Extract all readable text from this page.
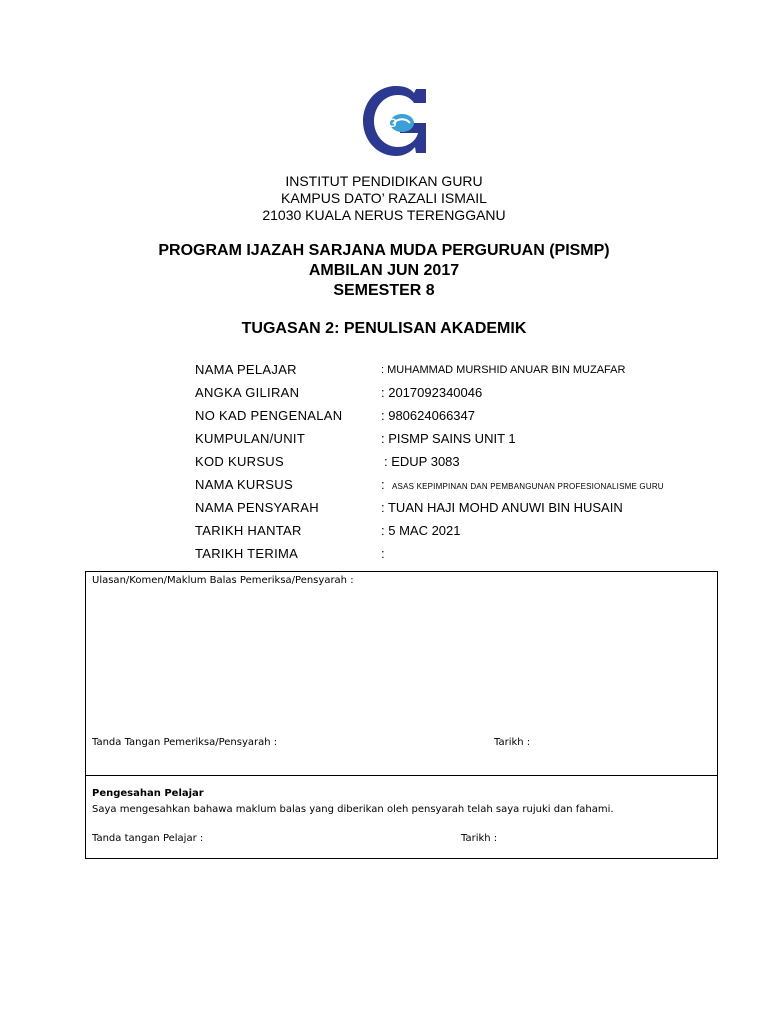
IPG
INSTITUT PENDIDIKAN GURU
KAMPUS DATO’ RAZALI ISMAIL
21030 KUALA NERUS TERENGGANU
PROGRAM IJAZAH SARJANA MUDA PERGURUAN (PISMP)
AMBILAN JUN 2017
SEMESTER 8
TUGASAN 2: PENULISAN AKADEMIK
NAMA PELAJAR	: MUHAMMAD MURSHID ANUAR BIN MUZAFAR
ANGKA GILIRAN	: 2017092340046
NO KAD PENGENALAN	: 980624066347
KUMPULAN/UNIT	: PISMP SAINS UNIT 1
KOD KURSUS	: EDUP 3083
NAMA KURSUS	: ASAS KEPIMPINAN DAN PEMBANGUNAN PROFESIONALISME GURU
NAMA PENSYARAH	: TUAN HAJI MOHD ANUWI BIN HUSAIN
TARIKH HANTAR	: 5 MAC 2021
TARIKH TERIMA	:
Ulasan/Komen/Maklum Balas Pemeriksa/Pensyarah :
Tanda Tangan Pemeriksa/Pensyarah :	Tarikh :
Pengesahan Pelajar
Saya mengesahkan bahawa maklum balas yang diberikan oleh pensyarah telah saya rujuki dan fahami.
Tanda tangan Pelajar :	Tarikh :
